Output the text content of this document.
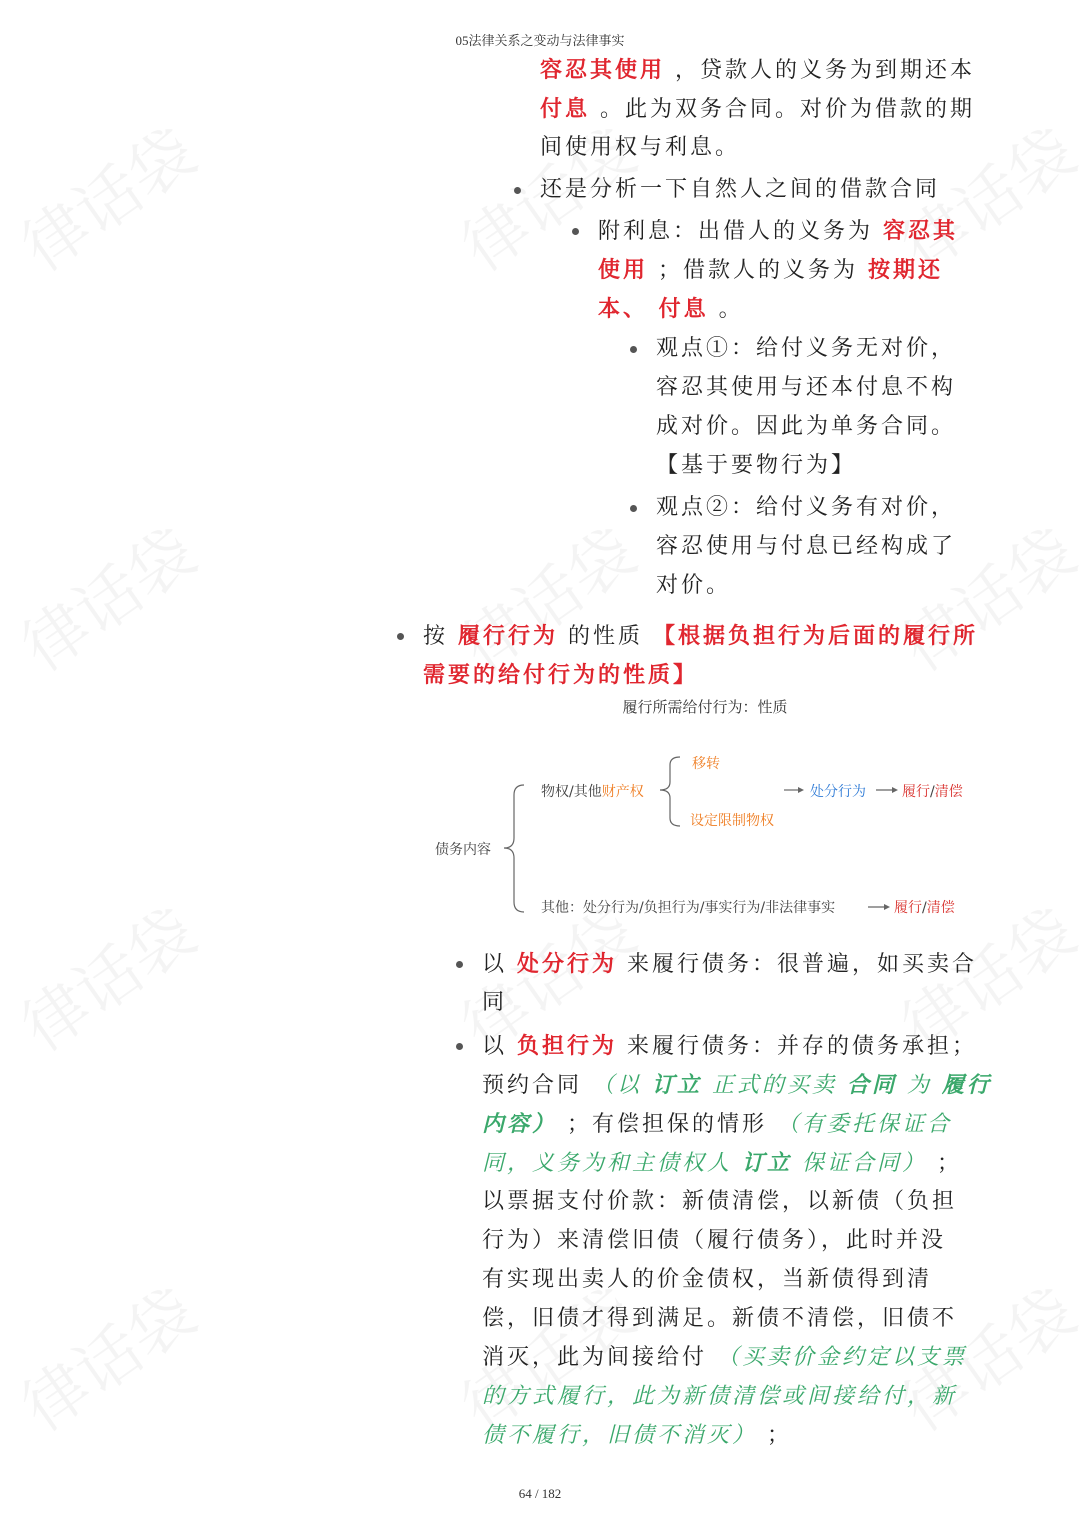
05法律关系之变动与法律事实
容忍其使用 ，贷款人的义务为到期还本
付息 。此为双务合同。对价为借款的期
间使用权与利息。
还是分析一下自然人之间的借款合同
附利息：出借人的义务为 容忍其
使用 ；借款人的义务为 按期还
本、 付息 。
观点①：给付义务无对价，
容忍其使用与还本付息不构
成对价。因此为单务合同。
【基于要物行为】
观点②：给付义务有对价，
容忍使用与付息已经构成了
对价。
按 履行行为 的性质 【根据负担行为后面的履行所
需要的给付行为的性质】
履行所需给付行为：性质
债务内容
物权/其他财产权
移转
设定限制物权
处分行为	履行/清偿
其他：处分行为/负担行为/事实行为/非法律事实	履行/清偿
以 处分行为 来履行债务：很普遍，如买卖合
同
以 负担行为 来履行债务：并存的债务承担；
预约合同 （以 订立 正式的买卖 合同 为 履行
内容） ；有偿担保的情形 （有委托保证合
同，义务为和主债权人 订立 保证合同） ；
以票据支付价款：新债清偿，以新债（负担
行为）来清偿旧债（履行债务），此时并没
有实现出卖人的价金债权，当新债得到清
偿，旧债才得到满足。新债不清偿，旧债不
消灭，此为间接给付 （买卖价金约定以支票
的方式履行，此为新债清偿或间接给付，新
债不履行，旧债不消灭） ；
64 / 182
